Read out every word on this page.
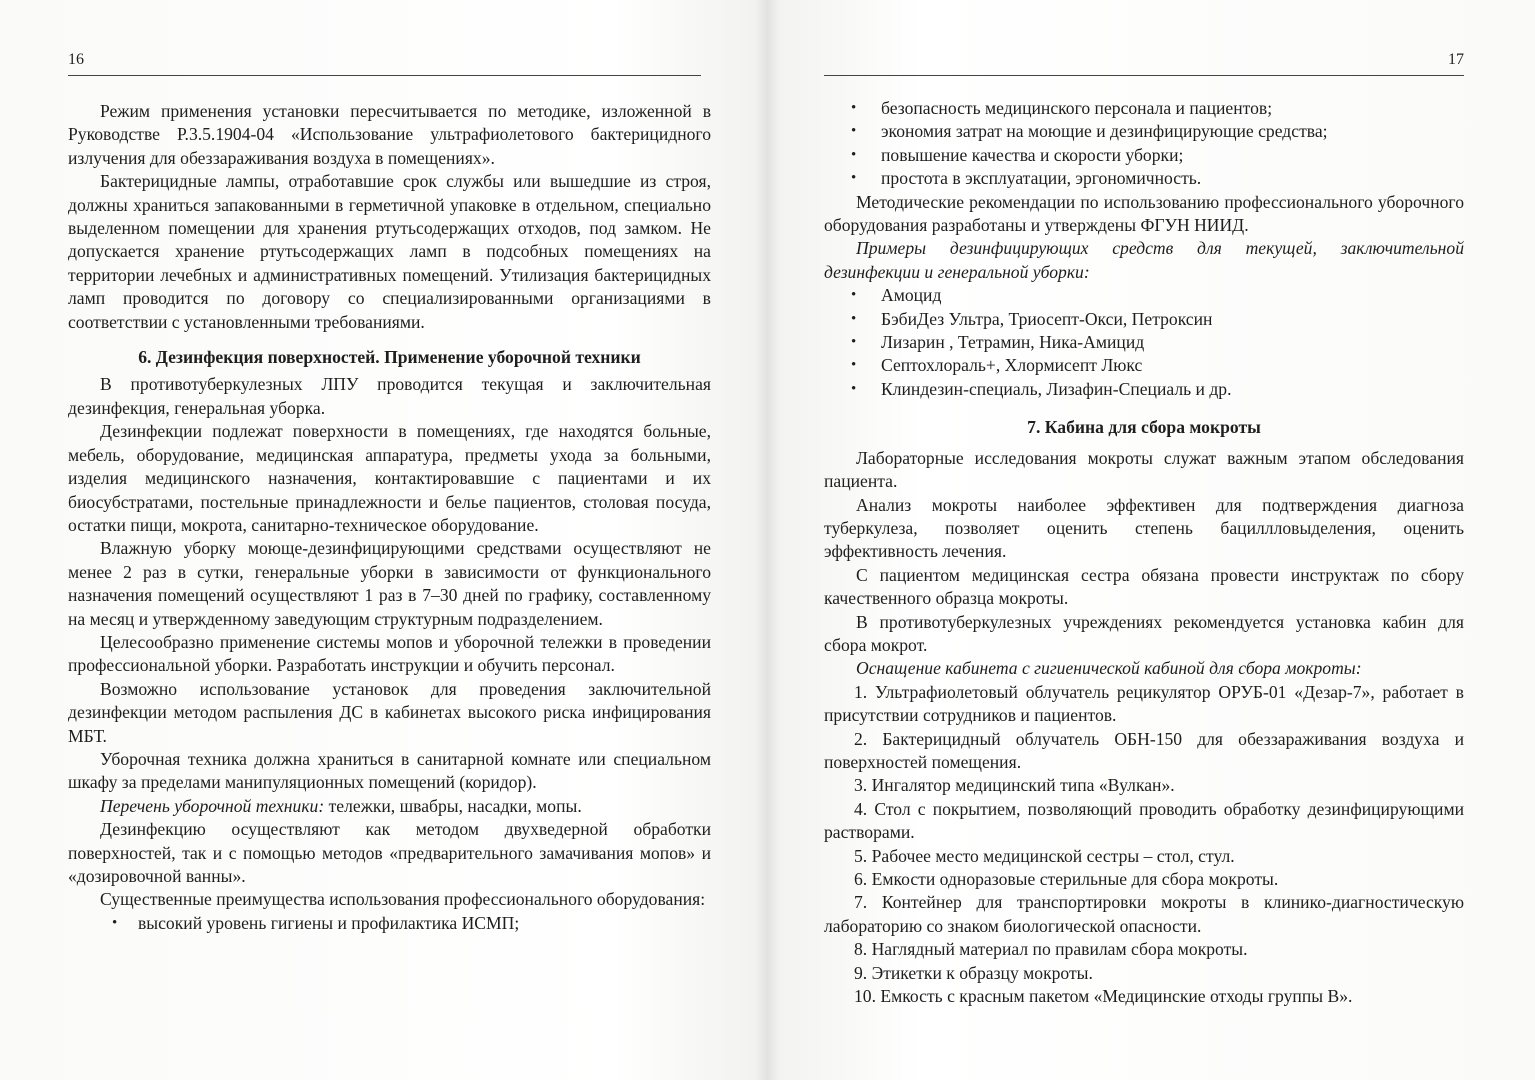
16

Режим применения установки пересчитывается по методике, изложенной в Руководстве Р.3.5.1904-04 «Использование ультрафиолетового бактерицидного излучения для обеззараживания воздуха в помещениях».

Бактерицидные лампы, отработавшие срок службы или вышедшие из строя, должны храниться запакованными в герметичной упаковке в отдельном, специально выделенном помещении для хранения ртутьсодержащих отходов, под замком. Не допускается хранение ртутьсодержащих ламп в подсобных помещениях на территории лечебных и административных помещений. Утилизация бактерицидных ламп проводится по договору со специализированными организациями в соответствии с установленными требованиями.

6. Дезинфекция поверхностей. Применение уборочной техники

В противотуберкулезных ЛПУ проводится текущая и заключительная дезинфекция, генеральная уборка.

Дезинфекции подлежат поверхности в помещениях, где находятся больные, мебель, оборудование, медицинская аппаратура, предметы ухода за больными, изделия медицинского назначения, контактировавшие с пациентами и их биосубстратами, постельные принадлежности и белье пациентов, столовая посуда, остатки пищи, мокрота, санитарно-техническое оборудование.

Влажную уборку моюще-дезинфицирующими средствами осуществляют не менее 2 раз в сутки, генеральные уборки в зависимости от функционального назначения помещений осуществляют 1 раз в 7–30 дней по графику, составленному на месяц и утвержденному заведующим структурным подразделением.

Целесообразно применение системы мопов и уборочной тележки в проведении профессиональной уборки. Разработать инструкции и обучить персонал.

Возможно использование установок для проведения заключительной дезинфекции методом распыления ДС в кабинетах высокого риска инфицирования МБТ.

Уборочная техника должна храниться в санитарной комнате или специальном шкафу за пределами манипуляционных помещений (коридор).

Перечень уборочной техники: тележки, швабры, насадки, мопы.

Дезинфекцию осуществляют как методом двухведерной обработки поверхностей, так и с помощью методов «предварительного замачивания мопов» и «дозировочной ванны».

Существенные преимущества использования профессионального оборудования:

• высокий уровень гигиены и профилактика ИСМП;
17
• безопасность медицинского персонала и пациентов;
• экономия затрат на моющие и дезинфицирующие средства;
• повышение качества и скорости уборки;
• простота в эксплуатации, эргономичность.

Методические рекомендации по использованию профессионального уборочного оборудования разработаны и утверждены ФГУН НИИД.

Примеры дезинфицирующих средств для текущей, заключительной дезинфекции и генеральной уборки:

• Амоцид
• БэбиДез Ультра, Триосепт-Окси, Петроксин
• Лизарин , Тетрамин, Ника-Амицид
• Септохлораль+, Хлормисепт Люкс
• Клиндезин-специаль, Лизафин-Специаль и др.
7. Кабина для сбора мокроты

Лабораторные исследования мокроты служат важным этапом обследования пациента.

Анализ мокроты наиболее эффективен для подтверждения диагноза туберкулеза, позволяет оценить степень бациллловыделения, оценить эффективность лечения.

С пациентом медицинская сестра обязана провести инструктаж по сбору качественного образца мокроты.

В противотуберкулезных учреждениях рекомендуется установка кабин для сбора мокрот.

Оснащение кабинета с гигиенической кабиной для сбора мокроты:

1. Ультрафиолетовый облучатель рецикулятор ОРУБ-01 «Дезар-7», работает в присутствии сотрудников и пациентов.

2. Бактерицидный облучатель ОБН-150 для обеззараживания воздуха и поверхностей помещения.

3. Ингалятор медицинский типа «Вулкан».

4. Стол с покрытием, позволяющий проводить обработку дезинфицирующими растворами.

5. Рабочее место медицинской сестры – стол, стул.

6. Емкости одноразовые стерильные для сбора мокроты.

7. Контейнер для транспортировки мокроты в клинико-диагностическую лабораторию со знаком биологической опасности.

8. Наглядный материал по правилам сбора мокроты.

9. Этикетки к образцу мокроты.

10. Емкость с красным пакетом «Медицинские отходы группы В».
